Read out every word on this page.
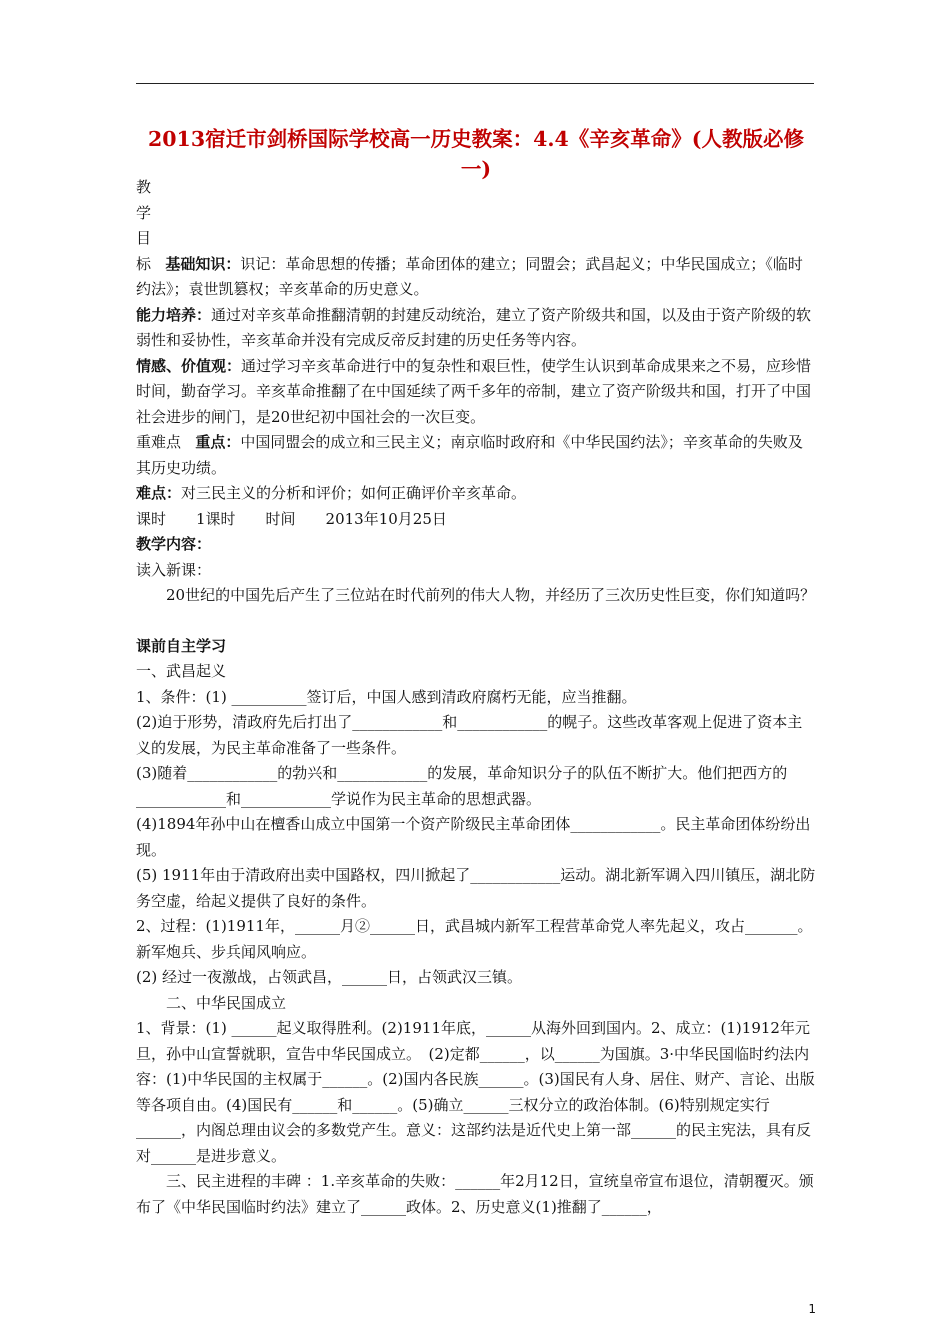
2013宿迁市剑桥国际学校高一历史教案：4.4《辛亥革命》(人教版必修一)

教

学

目

标 基础知识：识记：革命思想的传播；革命团体的建立；同盟会；武昌起义；中华民国成立；《临时约法》；袁世凯篡权；辛亥革命的历史意义。

能力培养：通过对辛亥革命推翻清朝的封建反动统治，建立了资产阶级共和国，以及由于资产阶级的软弱性和妥协性，辛亥革命并没有完成反帝反封建的历史任务等内容。

情感、价值观：通过学习辛亥革命进行中的复杂性和艰巨性，使学生认识到革命成果来之不易，应珍惜时间，勤奋学习。辛亥革命推翻了在中国延续了两千多年的帝制，建立了资产阶级共和国，打开了中国社会进步的闸门，是20世纪初中国社会的一次巨变。

重难点 重点：中国同盟会的成立和三民主义；南京临时政府和《中华民国约法》；辛亥革命的失败及其历史功绩。

难点：对三民主义的分析和评价；如何正确评价辛亥革命。

课时　　1课时　　时间　　2013年10月25日

教学内容：

读入新课：

20世纪的中国先后产生了三位站在时代前列的伟大人物，并经历了三次历史性巨变，你们知道吗？

课前自主学习

一、武昌起义

1、条件：(1) __________签订后，中国人感到清政府腐朽无能，应当推翻。

(2)迫于形势，清政府先后打出了____________和____________的幌子。这些改革客观上促进了资本主义的发展，为民主革命准备了一些条件。

(3)随着____________的勃兴和____________的发展，革命知识分子的队伍不断扩大。他们把西方的____________和____________学说作为民主革命的思想武器。

(4)1894年孙中山在檀香山成立中国第一个资产阶级民主革命团体____________。民主革命团体纷纷出现。

(5) 1911年由于清政府出卖中国路权，四川掀起了____________运动。湖北新军调入四川镇压，湖北防务空虚，给起义提供了良好的条件。

2、过程：(1)1911年，______月②______日，武昌城内新军工程营革命党人率先起义，攻占_______。新军炮兵、步兵闻风响应。

(2) 经过一夜激战，占领武昌，______日，占领武汉三镇。

二、中华民国成立

1、背景：(1) ______起义取得胜利。(2)1911年底，______从海外回到国内。2、成立：(1)1912年元旦，孙中山宣誓就职，宣告中华民国成立。　(2)定都______，以______为国旗。3·中华民国临时约法内容：(1)中华民国的主权属于______。(2)国内各民族______。(3)国民有人身、居住、财产、言论、出版等各项自由。(4)国民有______和______。(5)确立______三权分立的政治体制。(6)特别规定实行______，内阁总理由议会的多数党产生。意义：这部约法是近代史上第一部______的民主宪法，具有反对______是进步意义。

三、民主进程的丰碑 ：1.辛亥革命的失败：______年2月12日，宣统皇帝宣布退位，清朝覆灭。颁布了《中华民国临时约法》建立了______政体。2、历史意义(1)推翻了______，

1
